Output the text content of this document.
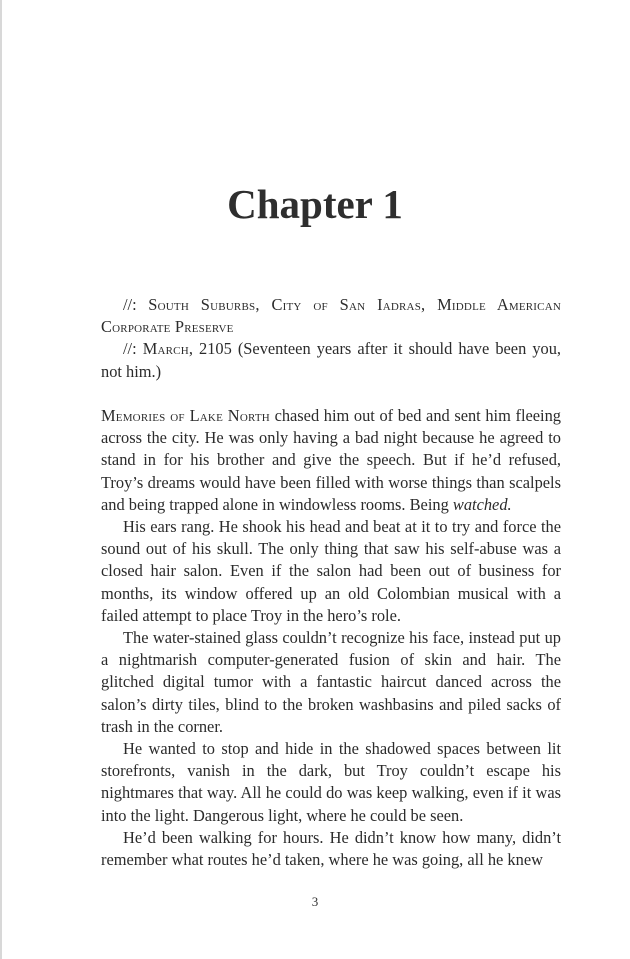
Chapter 1

//: South Suburbs, City of San Iadras, Middle American Corporate Preserve

//: March, 2105 (Seventeen years after it should have been you, not him.)

Memories of Lake North chased him out of bed and sent him fleeing across the city. He was only having a bad night because he agreed to stand in for his brother and give the speech. But if he’d refused, Troy’s dreams would have been filled with worse things than scalpels and being trapped alone in windowless rooms. Being watched.

His ears rang. He shook his head and beat at it to try and force the sound out of his skull. The only thing that saw his self-abuse was a closed hair salon. Even if the salon had been out of business for months, its window offered up an old Colombian musical with a failed attempt to place Troy in the hero’s role.

The water-stained glass couldn’t recognize his face, instead put up a nightmarish computer-generated fusion of skin and hair. The glitched digital tumor with a fantastic haircut danced across the salon’s dirty tiles, blind to the broken washbasins and piled sacks of trash in the corner.

He wanted to stop and hide in the shadowed spaces between lit storefronts, vanish in the dark, but Troy couldn’t escape his nightmares that way. All he could do was keep walking, even if it was into the light. Dangerous light, where he could be seen.

He’d been walking for hours. He didn’t know how many, didn’t remember what routes he’d taken, where he was going, all he knew

3
